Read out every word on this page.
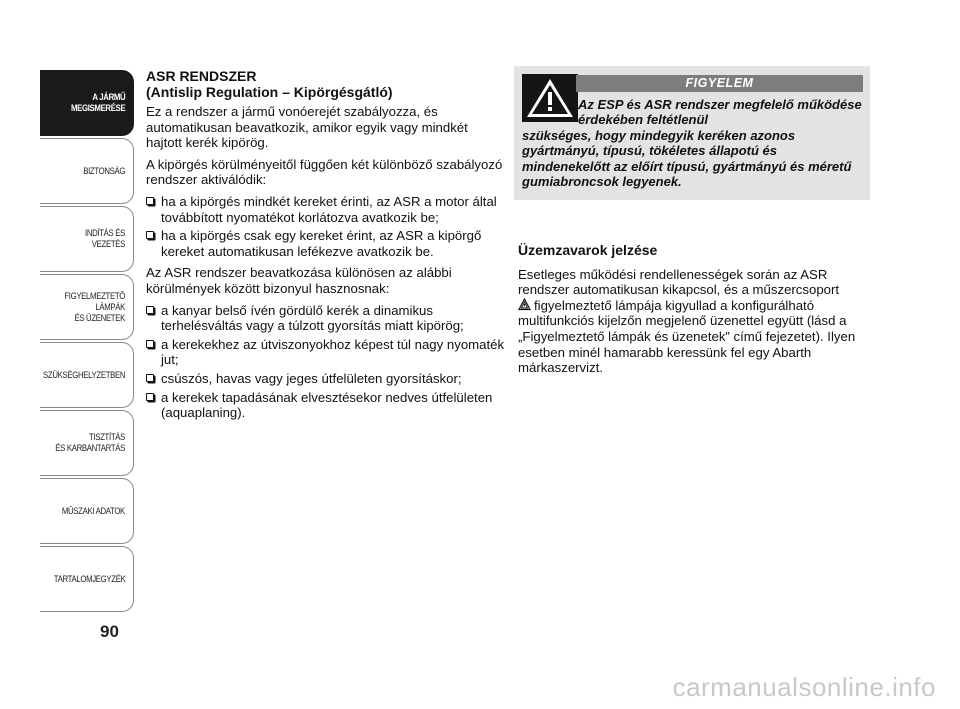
A JÁRMŰ
MEGISMERÉSE
BIZTONSÁG
INDÍTÁS ÉS VEZETÉS
FIGYELMEZTETŐ
LÁMPÁK
ÉS ÜZENETEK
SZÜKSÉGHELYZETBEN
TISZTÍTÁS
ÉS KARBANTARTÁS
MŰSZAKI ADATOK
TARTALOMJEGYZÉK
90
ASR RENDSZER
(Antislip Regulation – Kipörgésgátló)

Ez a rendszer a jármű vonóerejét szabályozza, és automatikusan beavatkozik, amikor egyik vagy mindkét hajtott kerék kipörög.

A kipörgés körülményeitől függően két különböző szabályozó rendszer aktiválódik:

ha a kipörgés mindkét kereket érinti, az ASR a motor által továbbított nyomatékot korlátozva avatkozik be;
ha a kipörgés csak egy kereket érint, az ASR a kipörgő kereket automatikusan lefékezve avatkozik be.

Az ASR rendszer beavatkozása különösen az alábbi körülmények között bizonyul hasznosnak:

a kanyar belső ívén gördülő kerék a dinamikus terhelésváltás vagy a túlzott gyorsítás miatt kipörög;
a kerekekhez az útviszonyokhoz képest túl nagy nyomaték jut;
csúszós, havas vagy jeges útfelületen gyorsításkor;
a kerekek tapadásának elvesztésekor nedves útfelületen (aquaplaning).
FIGYELEM
Az ESP és ASR rendszer megfelelő működése érdekében feltétlenül
szükséges, hogy mindegyik keréken azonos gyártmányú, típusú, tökéletes állapotú és mindenekelőtt az előírt típusú, gyártmányú és méretű gumiabroncsok legyenek.
Üzemzavarok jelzése

Esetleges működési rendellenességek során az ASR rendszer automatikusan kikapcsol, és a műszercsoport
figyelmeztető lámpája kigyullad a konfigurálható multifunkciós kijelzőn megjelenő üzenettel együtt (lásd a „Figyelmeztető lámpák és üzenetek” című fejezetet). Ilyen esetben minél hamarabb keressünk fel egy Abarth márkaszervizt.

carmanualsonline.info
